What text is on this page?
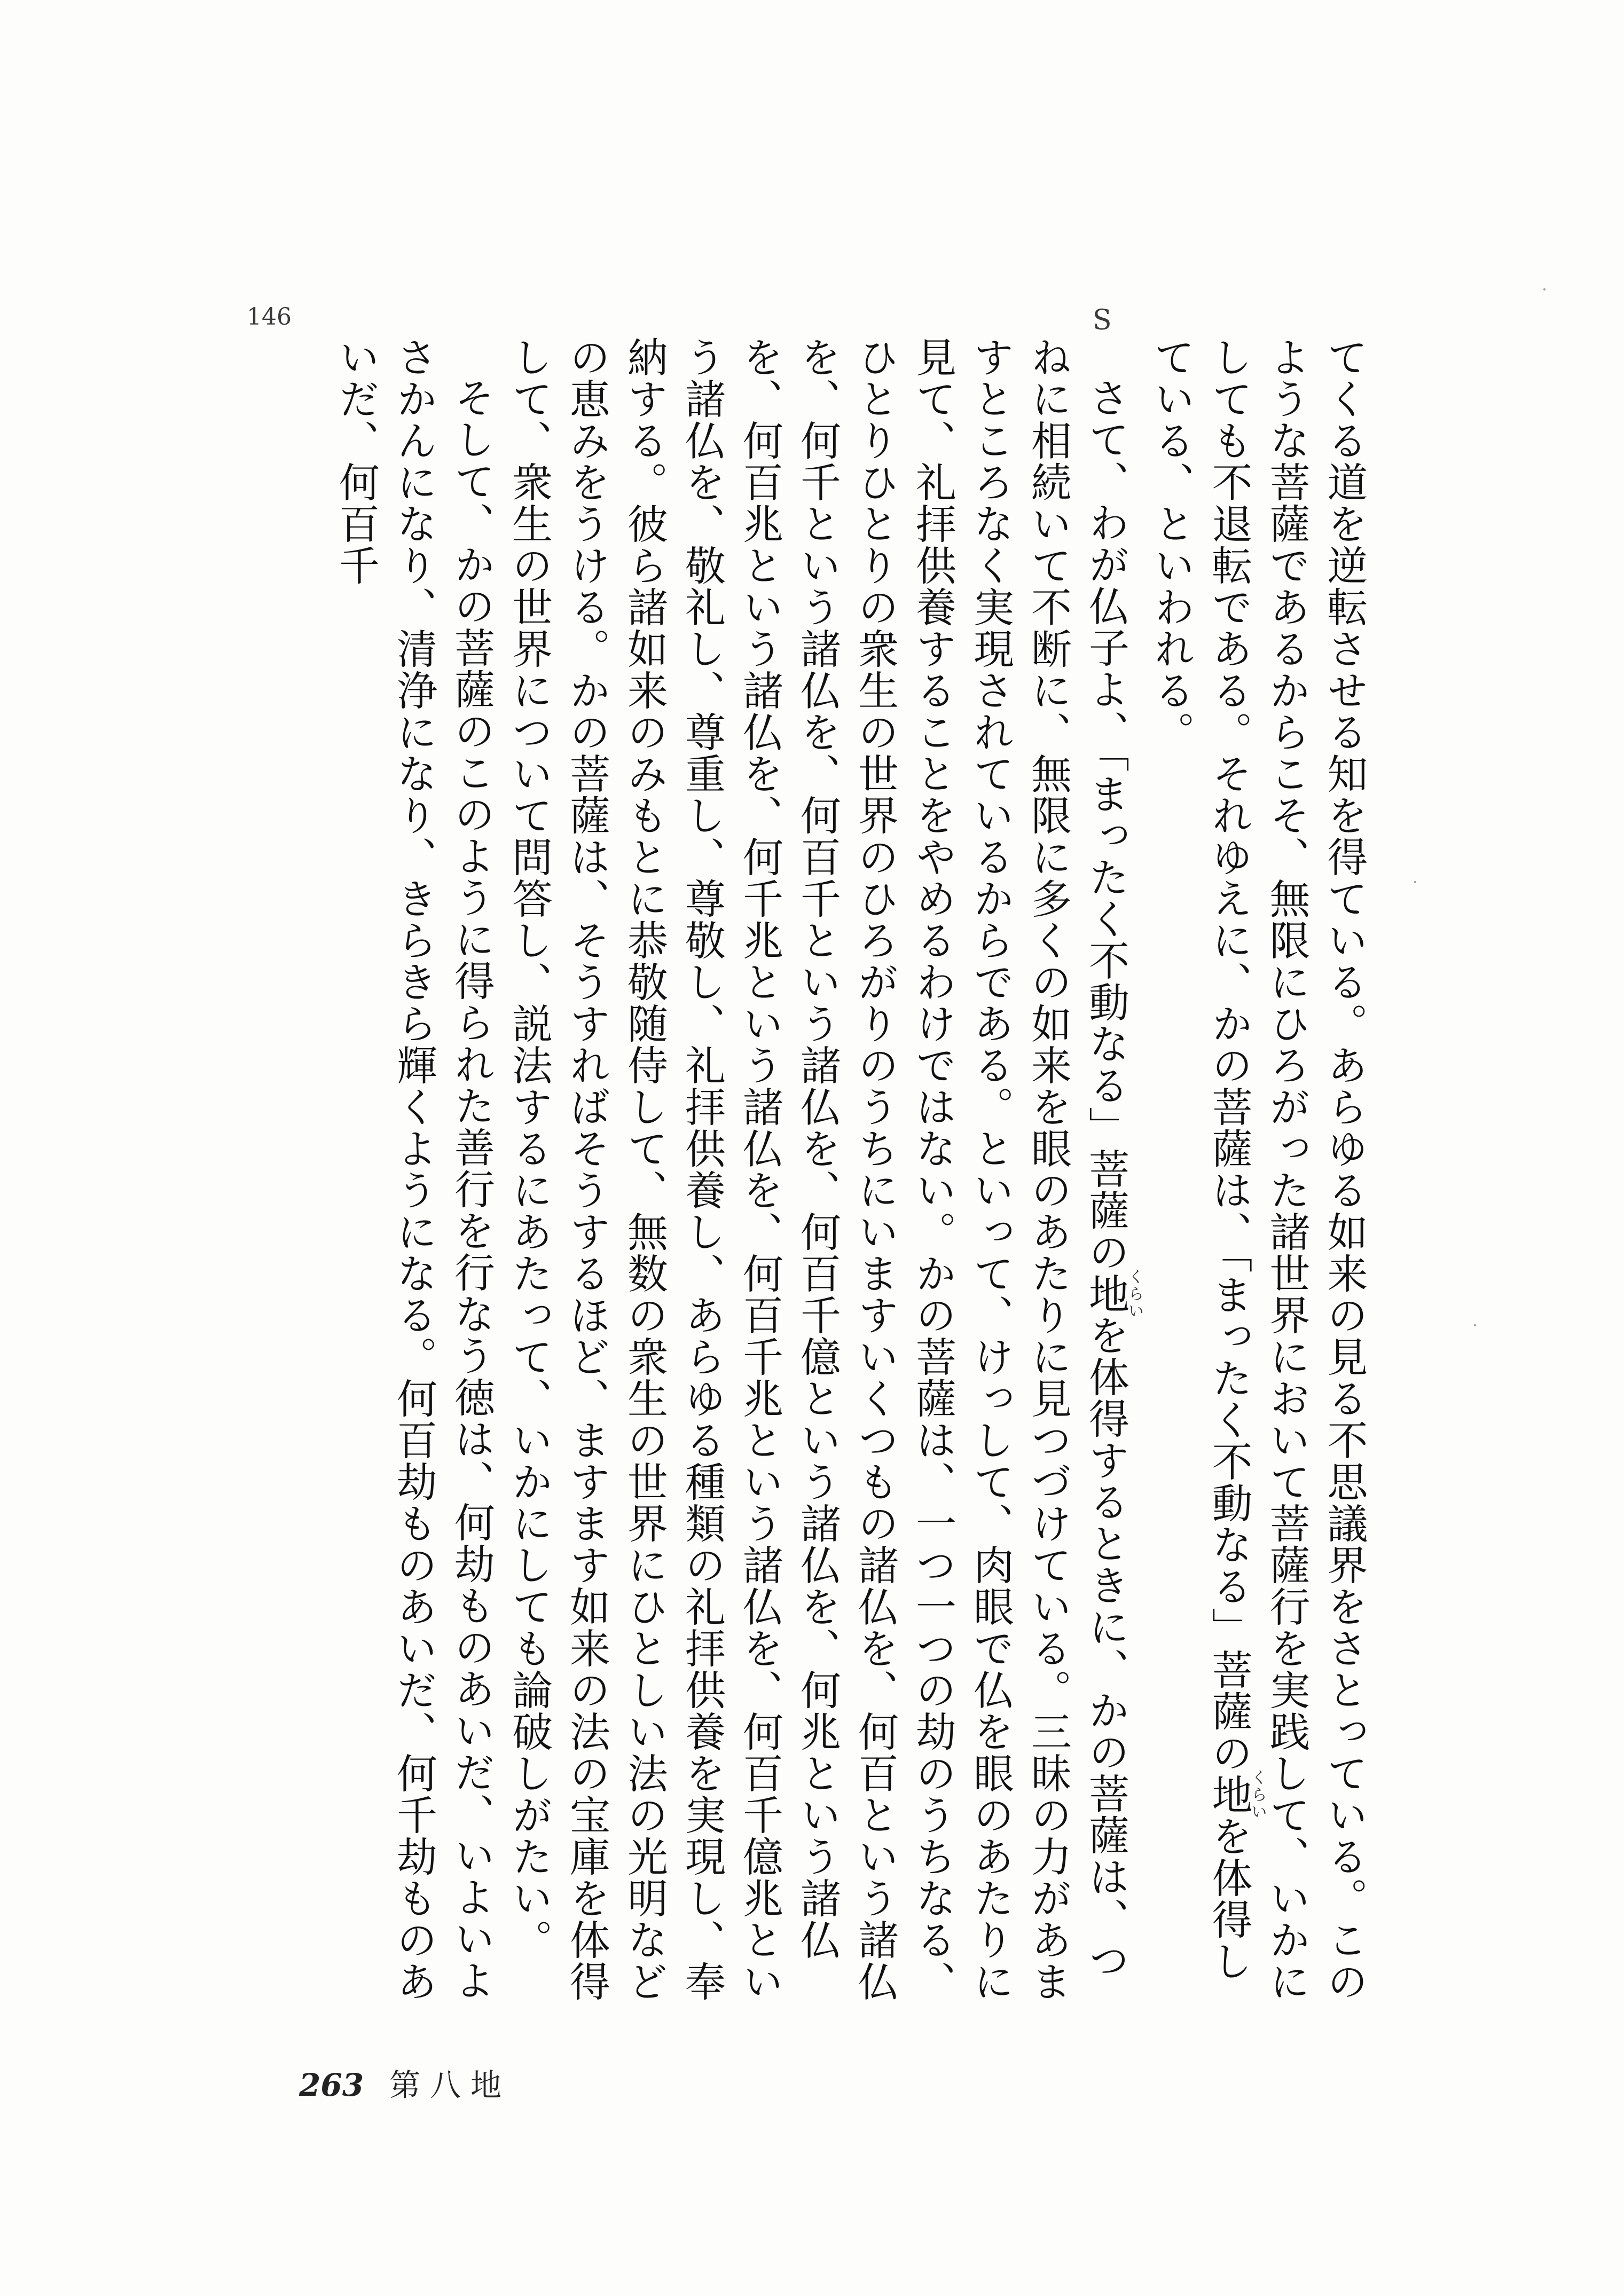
146	S

てくる道を逆転させる知を得ている。あらゆる如来の見る不思議界をさとっている。このような菩薩であるからこそ、無限にひろがった諸世界において菩薩行を実践して、いかにしても不退転である。それゆえに、かの菩薩は、「まったく不動なる」菩薩の地くらいを体得している、といわれる。

さて、わが仏子よ、「まったく不動なる」菩薩の地くらいを体得するときに、かの菩薩は、つねに相続いて不断に、無限に多くの如来を眼のあたりに見つづけている。三昧の力があますところなく実現されているからである。といって、けっして、肉眼で仏を眼のあたりに見て、礼拝供養することをやめるわけではない。かの菩薩は、一つ一つの劫のうちなる、ひとりひとりの衆生の世界のひろがりのうちにいますいくつもの諸仏を、何百という諸仏を、何千という諸仏を、何百千という諸仏を、何百千億という諸仏を、何兆という諸仏を、何百兆という諸仏を、何千兆という諸仏を、何百千兆という諸仏を、何百千億兆という諸仏を、敬礼し、尊重し、尊敬し、礼拝供養し、あらゆる種類の礼拝供養を実現し、奉納する。彼ら諸如来のみもとに恭敬随侍して、無数の衆生の世界にひとしい法の光明などの恵みをうける。かの菩薩は、そうすればそうするほど、ますます如来の法の宝庫を体得して、衆生の世界について問答し、説法するにあたって、いかにしても論破しがたい。

そして、かの菩薩のこのように得られた善行を行なう徳は、何劫ものあいだ、いよいよさかんになり、清浄になり、きらきら輝くようになる。何百劫ものあいだ、何千劫ものあいだ、何百千

263 第八地
